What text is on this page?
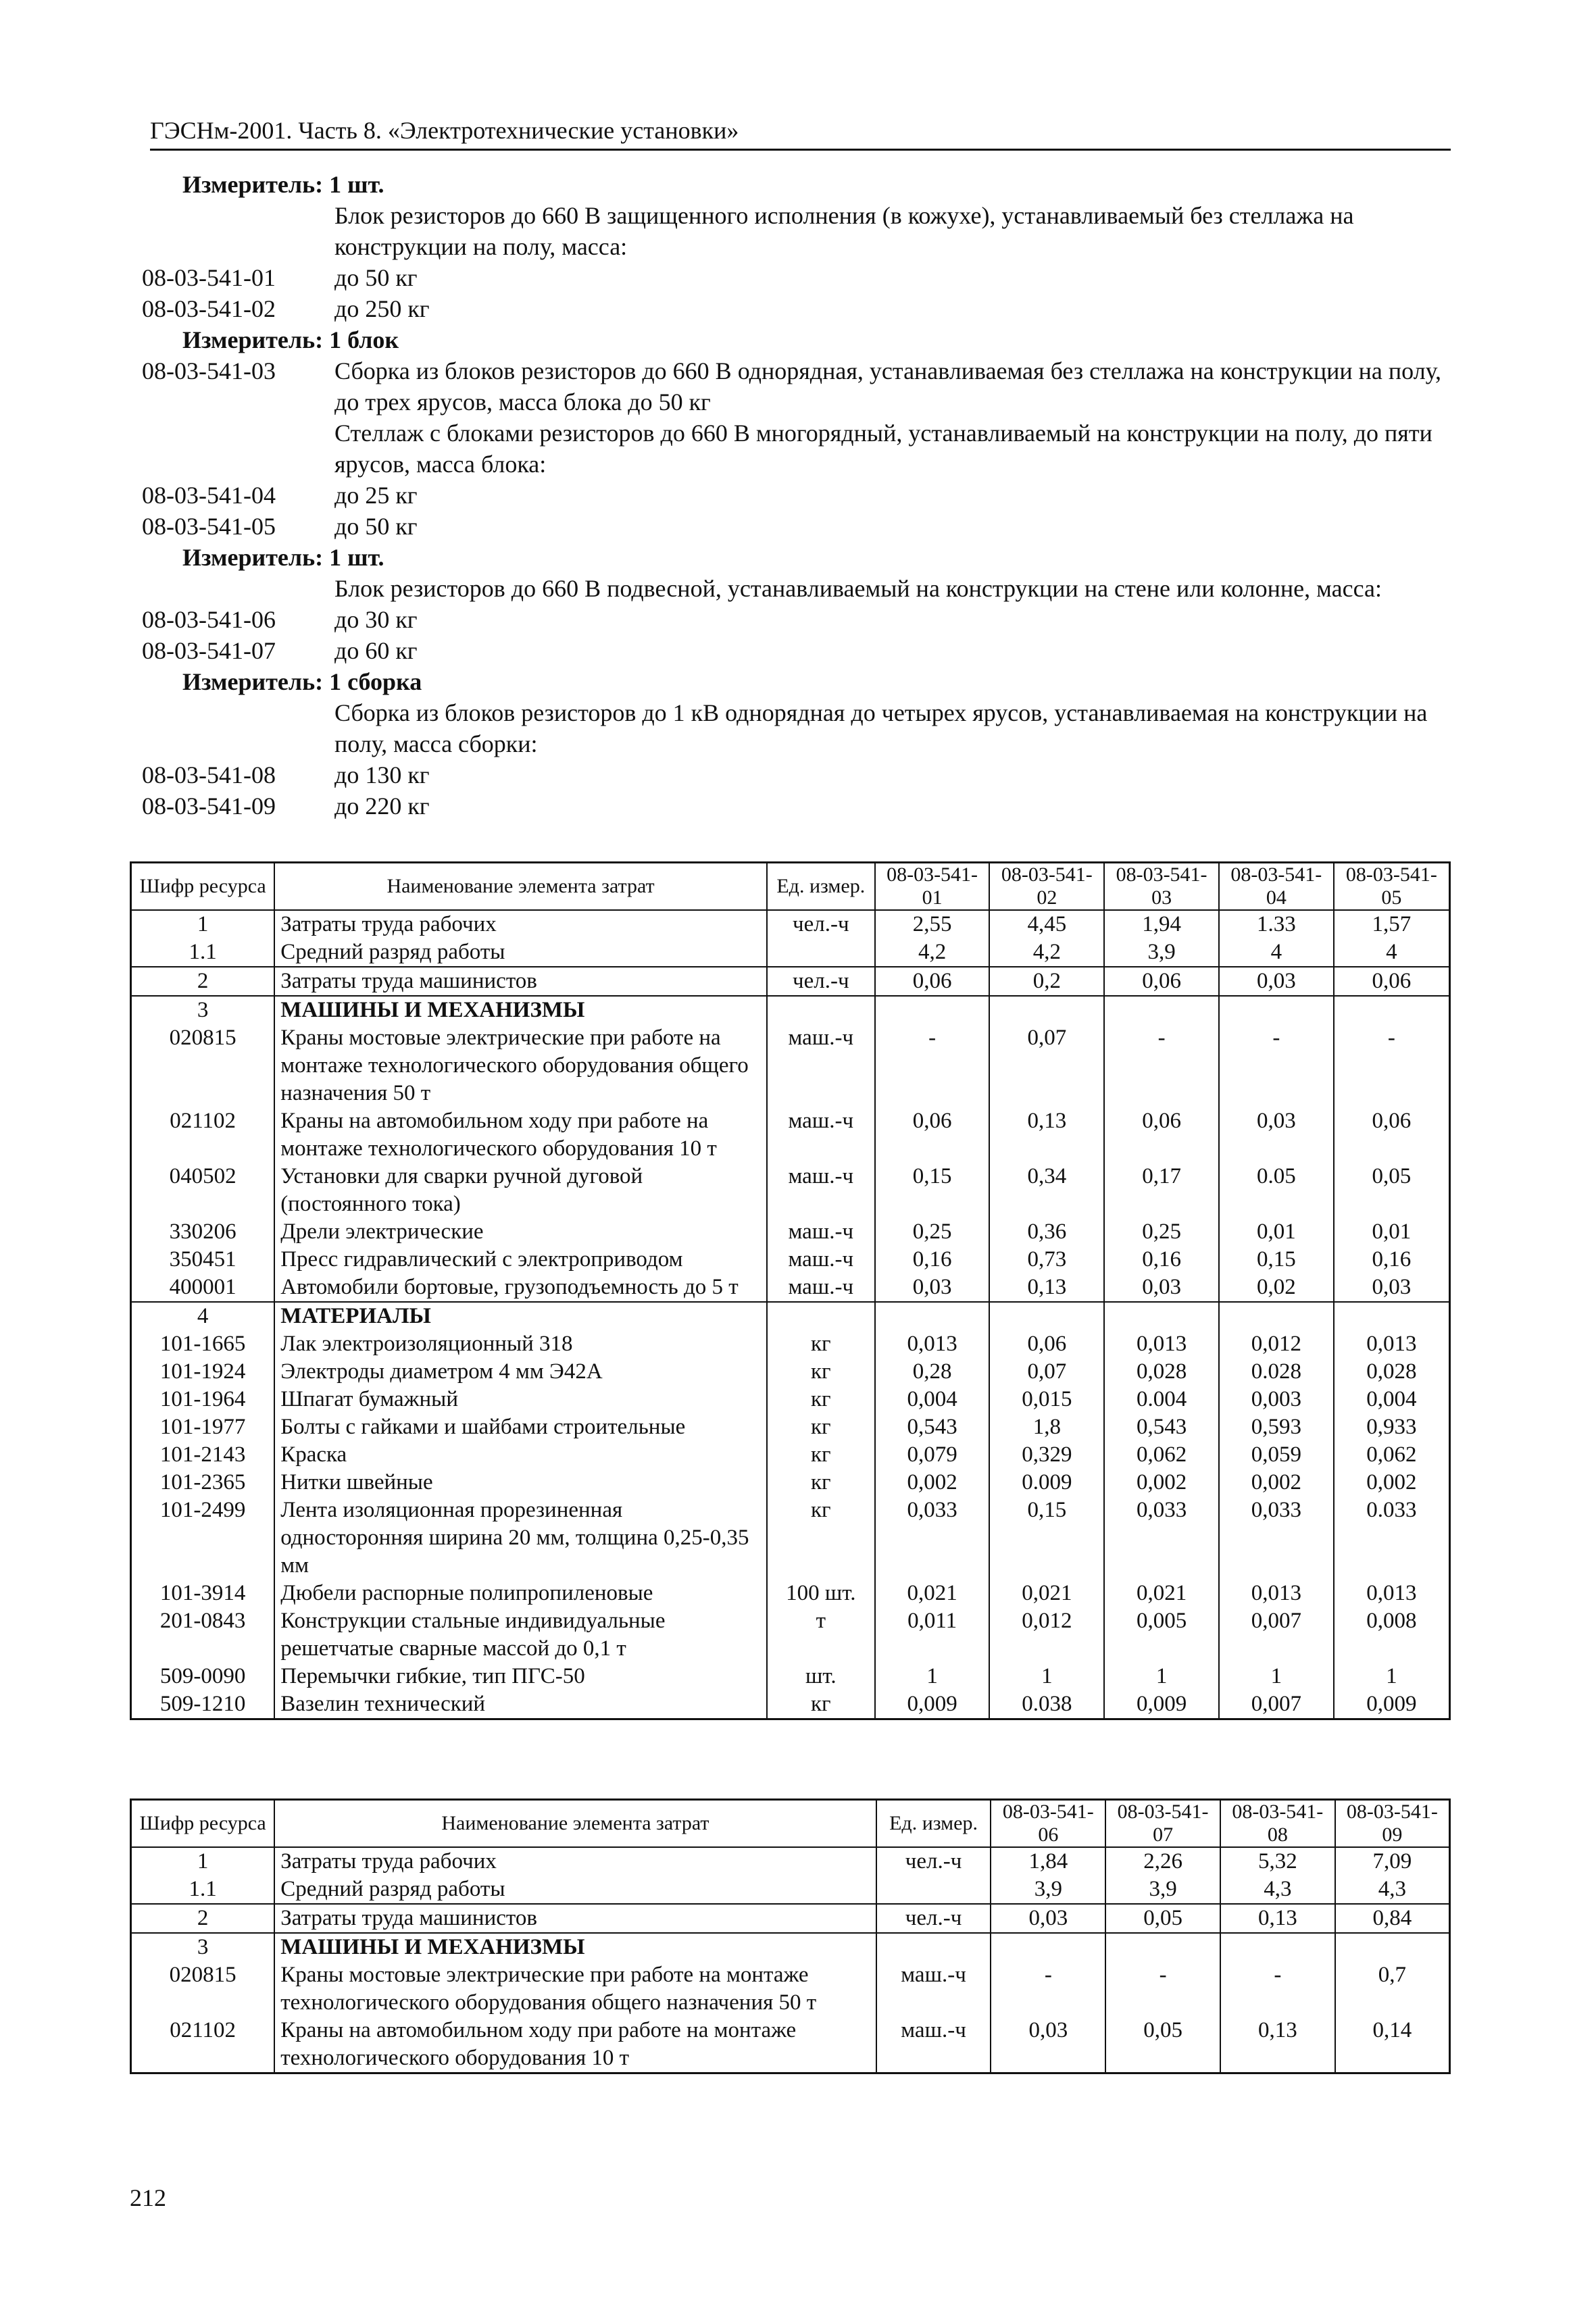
ГЭСНм-2001. Часть 8. «Электротехнические установки»
Измеритель: 1 шт.
Блок резисторов до 660 В защищенного исполнения (в кожухе), устанавливаемый без стеллажа на конструкции на полу, масса:
08-03-541-01	до 50 кг
08-03-541-02	до 250 кг
Измеритель: 1 блок
08-03-541-03	Сборка из блоков резисторов до 660 В однорядная, устанавливаемая без стеллажа на конструкции на полу, до трех ярусов, масса блока до 50 кг
Стеллаж с блоками резисторов до 660 В многорядный, устанавливаемый на конструкции на полу, до пяти ярусов, масса блока:
08-03-541-04	до 25 кг
08-03-541-05	до 50 кг
Измеритель: 1 шт.
Блок резисторов до 660 В подвесной, устанавливаемый на конструкции на стене или колонне, масса:
08-03-541-06	до 30 кг
08-03-541-07	до 60 кг
Измеритель: 1 сборка
Сборка из блоков резисторов до 1 кВ однорядная до четырех ярусов, устанавливаемая на конструкции на полу, масса сборки:
08-03-541-08	до 130 кг
08-03-541-09	до 220 кг
Шифр ресурса	Наименование элемента затрат	Ед. измер.	08-03-541-01	08-03-541-02	08-03-541-03	08-03-541-04	08-03-541-05
1	Затраты труда рабочих	чел.-ч	2,55	4,45	1,94	1.33	1,57
1.1	Средний разряд работы		4,2	4,2	3,9	4	4
2	Затраты труда машинистов	чел.-ч	0,06	0,2	0,06	0,03	0,06
3	МАШИНЫ И МЕХАНИЗМЫ						
020815	Краны мостовые электрические при работе на монтаже технологического оборудования общего назначения 50 т	маш.-ч	-	0,07	-	-	-
021102	Краны на автомобильном ходу при работе на монтаже технологического оборудования 10 т	маш.-ч	0,06	0,13	0,06	0,03	0,06
040502	Установки для сварки ручной дуговой (постоянного тока)	маш.-ч	0,15	0,34	0,17	0.05	0,05
330206	Дрели электрические	маш.-ч	0,25	0,36	0,25	0,01	0,01
350451	Пресс гидравлический с электроприводом	маш.-ч	0,16	0,73	0,16	0,15	0,16
400001	Автомобили бортовые, грузоподъемность до 5 т	маш.-ч	0,03	0,13	0,03	0,02	0,03
4	МАТЕРИАЛЫ						
101-1665	Лак электроизоляционный 318	кг	0,013	0,06	0,013	0,012	0,013
101-1924	Электроды диаметром 4 мм Э42А	кг	0,28	0,07	0,028	0.028	0,028
101-1964	Шпагат бумажный	кг	0,004	0,015	0.004	0,003	0,004
101-1977	Болты с гайками и шайбами строительные	кг	0,543	1,8	0,543	0,593	0,933
101-2143	Краска	кг	0,079	0,329	0,062	0,059	0,062
101-2365	Нитки швейные	кг	0,002	0.009	0,002	0,002	0,002
101-2499	Лента изоляционная прорезиненная односторонняя ширина 20 мм, толщина 0,25-0,35 мм	кг	0,033	0,15	0,033	0,033	0.033
101-3914	Дюбели распорные полипропиленовые	100 шт.	0,021	0,021	0,021	0,013	0,013
201-0843	Конструкции стальные индивидуальные решетчатые сварные массой до 0,1 т	т	0,011	0,012	0,005	0,007	0,008
509-0090	Перемычки гибкие, тип ПГС-50	шт.	1	1	1	1	1
509-1210	Вазелин технический	кг	0,009	0.038	0,009	0,007	0,009
Шифр ресурса	Наименование элемента затрат	Ед. измер.	08-03-541-06	08-03-541-07	08-03-541-08	08-03-541-09
1	Затраты труда рабочих	чел.-ч	1,84	2,26	5,32	7,09
1.1	Средний разряд работы		3,9	3,9	4,3	4,3
2	Затраты труда машинистов	чел.-ч	0,03	0,05	0,13	0,84
3	МАШИНЫ И МЕХАНИЗМЫ					
020815	Краны мостовые электрические при работе на монтаже технологического оборудования общего назначения 50 т	маш.-ч	-	-	-	0,7
021102	Краны на автомобильном ходу при работе на монтаже технологического оборудования 10 т	маш.-ч	0,03	0,05	0,13	0,14
212
